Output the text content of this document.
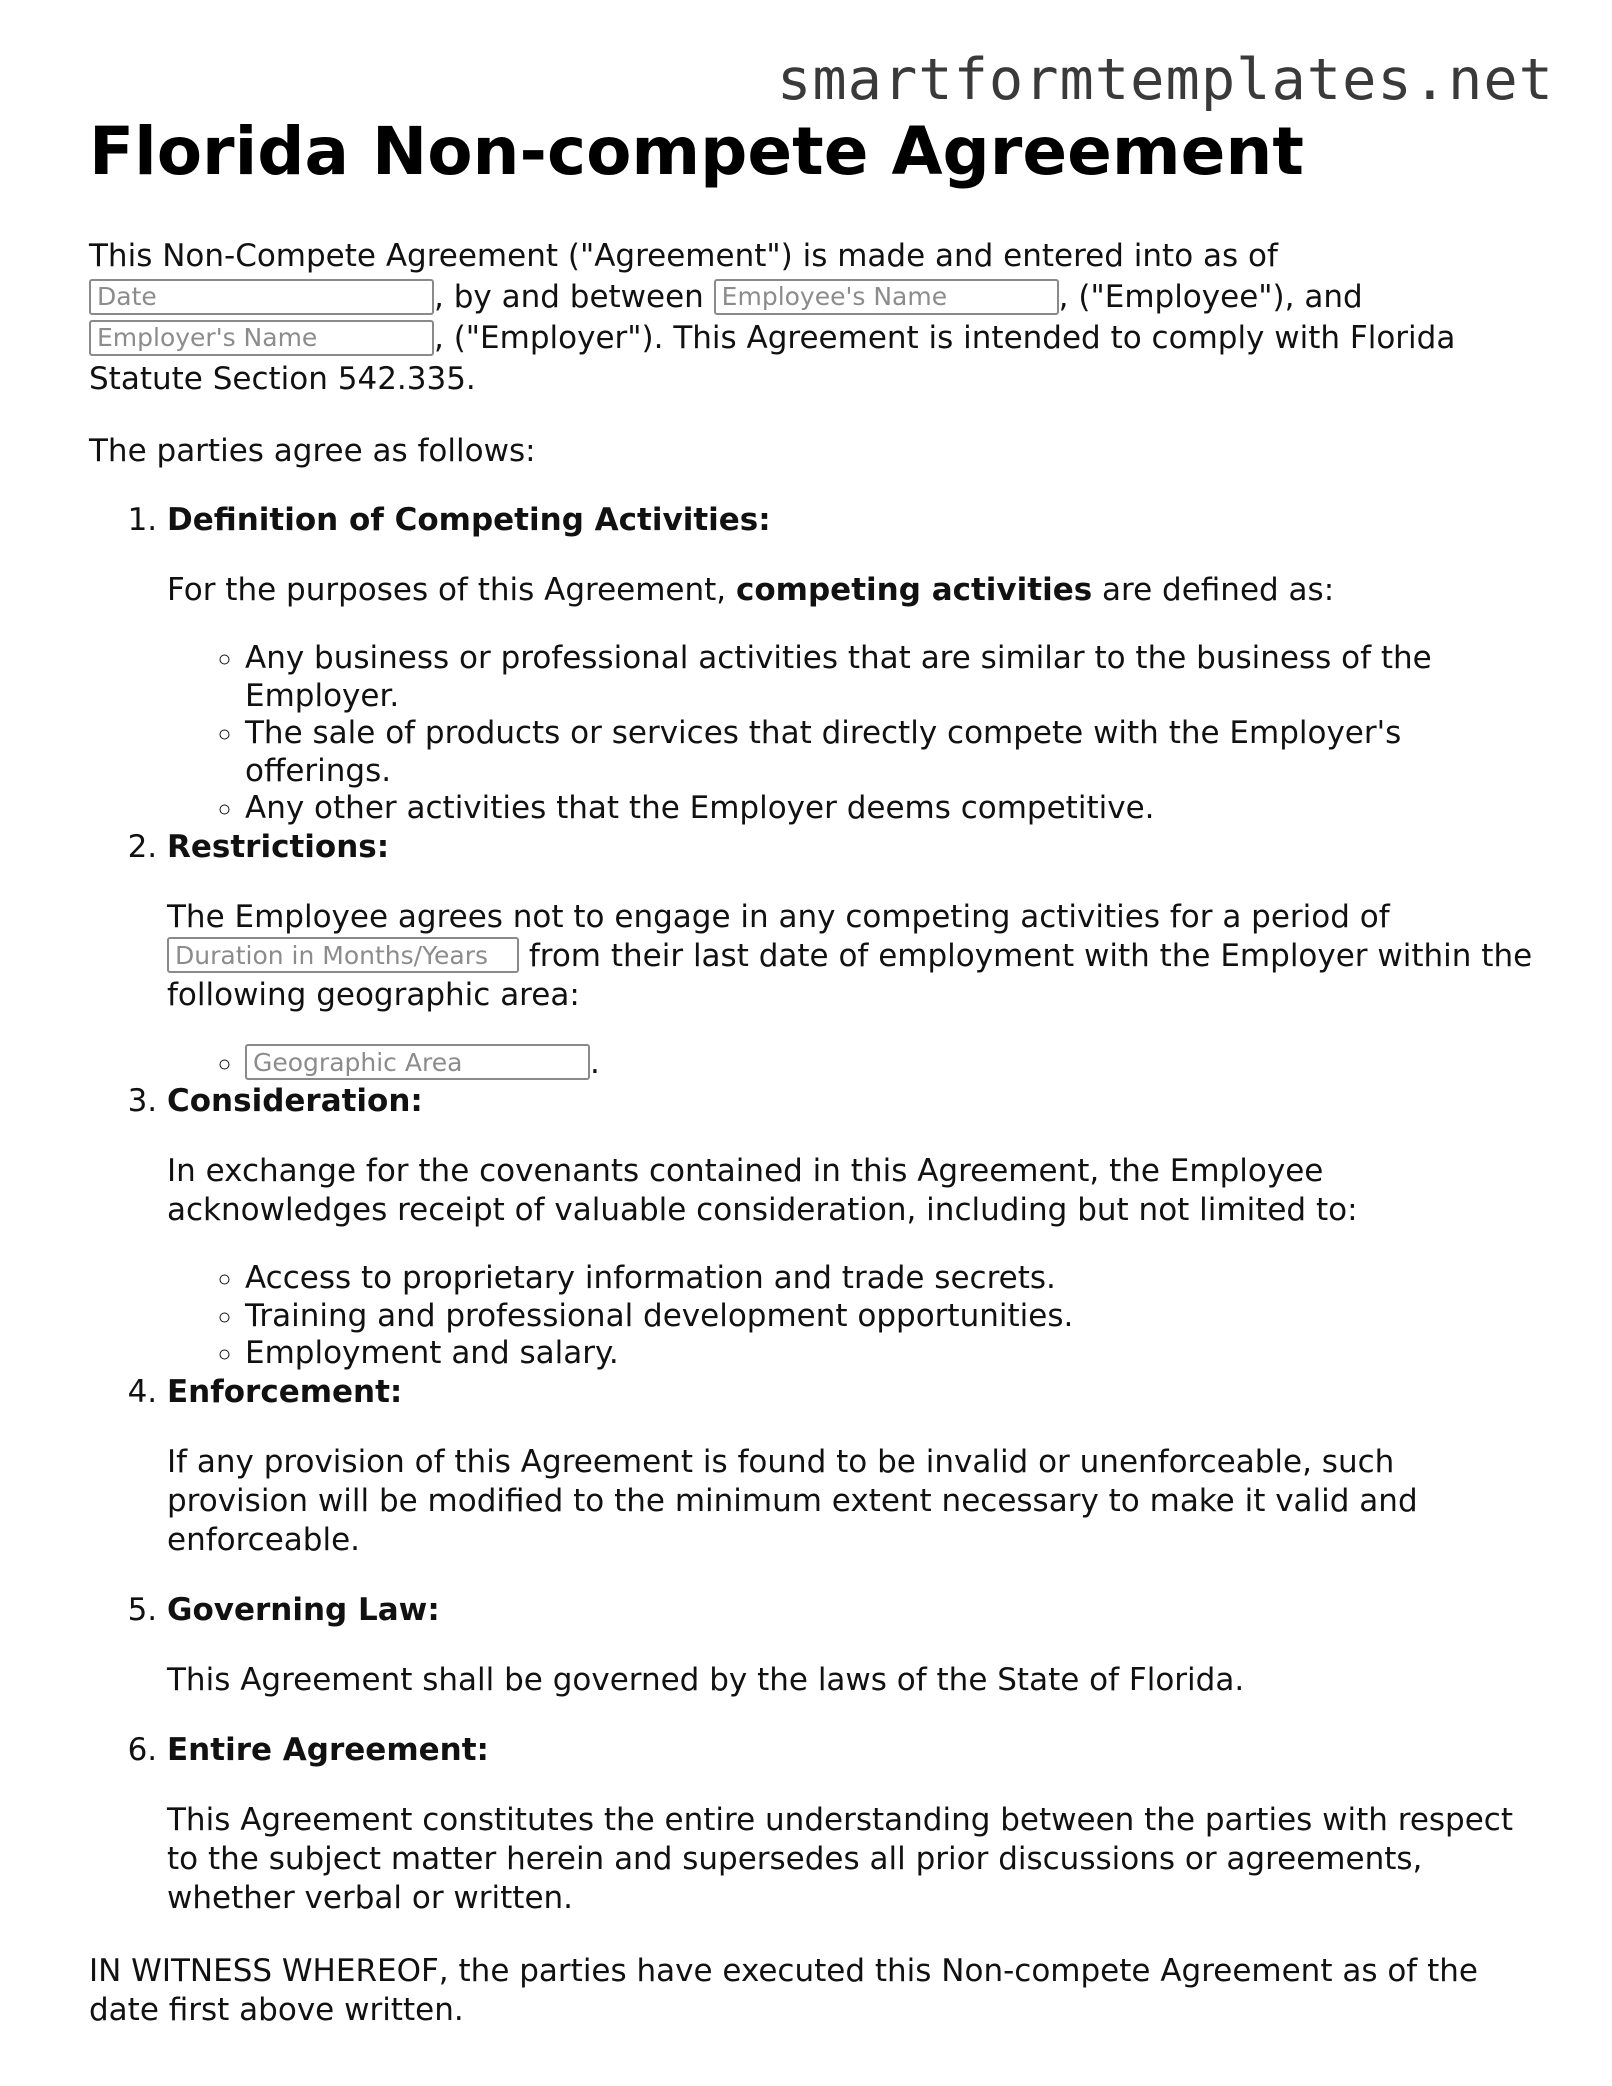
smartformtemplates.net
Florida Non-compete Agreement

This Non-Compete Agreement ("Agreement") is made and entered into as of
Date, by and between Employee's Name	, ("Employee"), and
Employer's Name, ("Employer"). This Agreement is intended to comply with Florida Statute Section 542.335.

The parties agree as follows:

1. Definition of Competing Activities:

For the purposes of this Agreement, competing activities are defined as:

◦ Any business or professional activities that are similar to the business of the Employer.
◦ The sale of products or services that directly compete with the Employer's offerings.
◦ Any other activities that the Employer deems competitive.
2. Restrictions:

The Employee agrees not to engage in any competing activities for a period of
Duration in Months/Years from their last date of employment with the Employer within the following geographic area:

Geographic Area ◦ .
3. Consideration:

In exchange for the covenants contained in this Agreement, the Employee acknowledges receipt of valuable consideration, including but not limited to:

◦ Access to proprietary information and trade secrets.
◦ Training and professional development opportunities.
◦ Employment and salary.
4. Enforcement:

If any provision of this Agreement is found to be invalid or unenforceable, such provision will be modified to the minimum extent necessary to make it valid and enforceable.

5. Governing Law:

This Agreement shall be governed by the laws of the State of Florida.

6. Entire Agreement:

This Agreement constitutes the entire understanding between the parties with respect to the subject matter herein and supersedes all prior discussions or agreements, whether verbal or written.

IN WITNESS WHEREOF, the parties have executed this Non-compete Agreement as of the date first above written.
